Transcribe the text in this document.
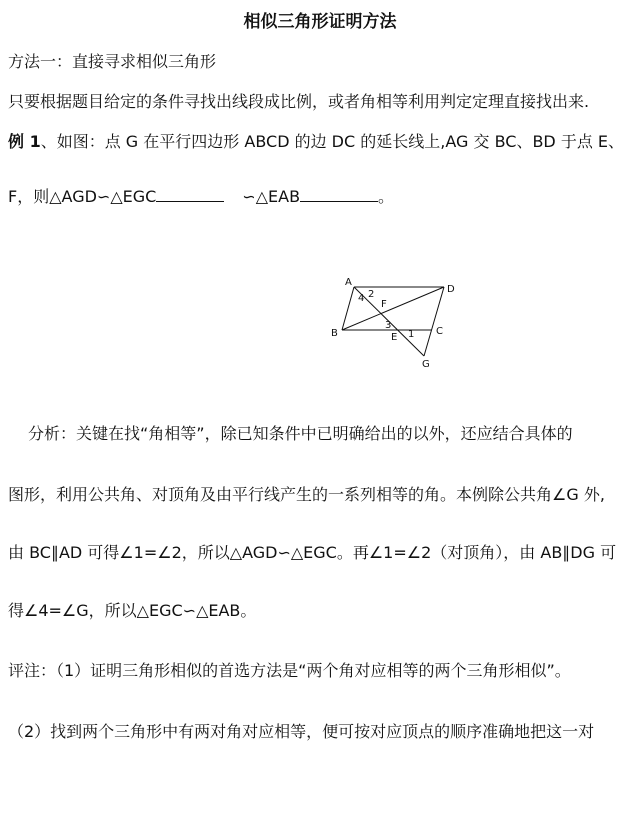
相似三角形证明方法
方法一：直接寻求相似三角形
只要根据题目给定的条件寻找出线段成比例，或者角相等利用判定定理直接找出来.
例 1、如图：点 G 在平行四边形 ABCD 的边 DC 的延长线上,AG 交 BC、BD 于点 E、
F，则△AGD∽△EGC	∽△EAB	。
A
D
B	C
F
E
G
1
2
3
4
分析：关键在找“角相等”，除已知条件中已明确给出的以外，还应结合具体的
图形，利用公共角、对顶角及由平行线产生的一系列相等的角。本例除公共角∠G 外,
由 BC∥AD 可得∠1=∠2，所以△AGD∽△EGC。再∠1=∠2（对顶角），由 AB∥DG 可
得∠4=∠G，所以△EGC∽△EAB。
评注：（1）证明三角形相似的首选方法是“两个角对应相等的两个三角形相似”。
（2）找到两个三角形中有两对角对应相等，便可按对应顶点的顺序准确地把这一对
